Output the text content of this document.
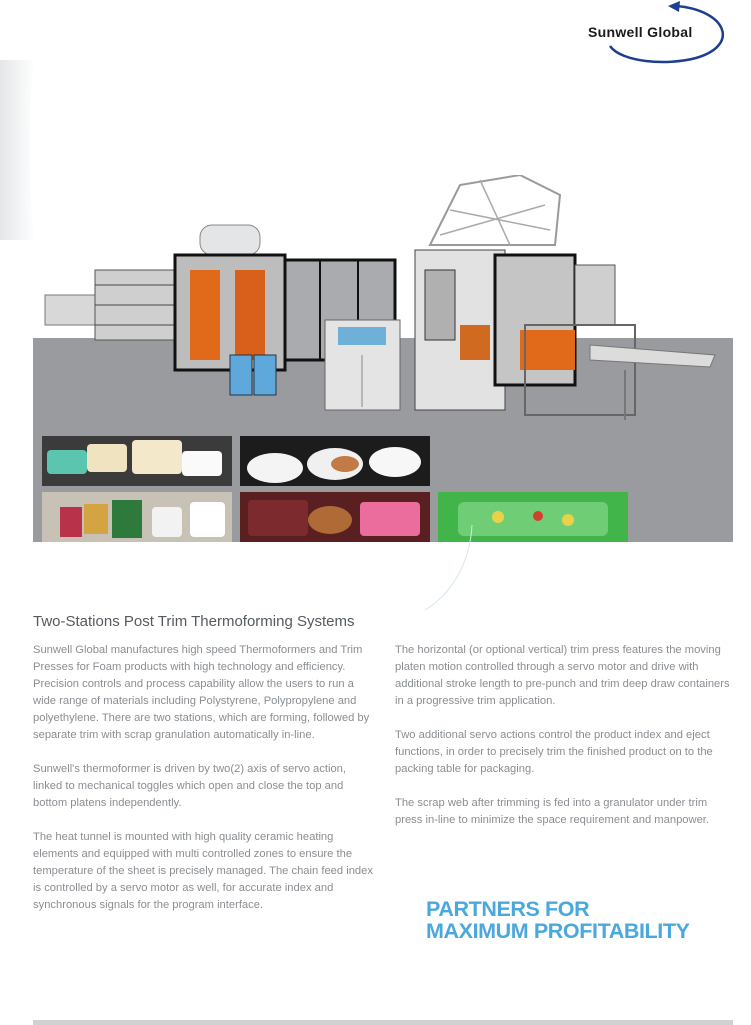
Sunwell Global
Two-Stations Post Trim Thermoforming Systems

Sunwell Global manufactures high speed Thermoformers and Trim Presses for Foam products with high technology and efficiency. Precision controls and process capability allow the users to run a wide range of materials including Polystyrene, Polypropylene and polyethylene. There are two stations, which are forming, followed by separate trim with scrap granulation automatically in-line.

Sunwell's thermoformer is driven by two(2) axis of servo action, linked to mechanical toggles which open and close the top and bottom platens independently.

The heat tunnel is mounted with high quality ceramic heating elements and equipped with multi controlled zones to ensure the temperature of the sheet is precisely managed. The chain feed index is controlled by a servo motor as well, for accurate index and synchronous signals for the program interface.

The horizontal (or optional vertical) trim press features the moving platen motion controlled through a servo motor and drive with additional stroke length to pre-punch and trim deep draw containers in a progressive trim application.

Two additional servo actions control the product index and eject functions, in order to precisely trim the finished product on to the packing table for packaging.

The scrap web after trimming is fed into a granulator under trim press in-line to minimize the space requirement and manpower.

PARTNERS FOR
MAXIMUM PROFITABILITY
